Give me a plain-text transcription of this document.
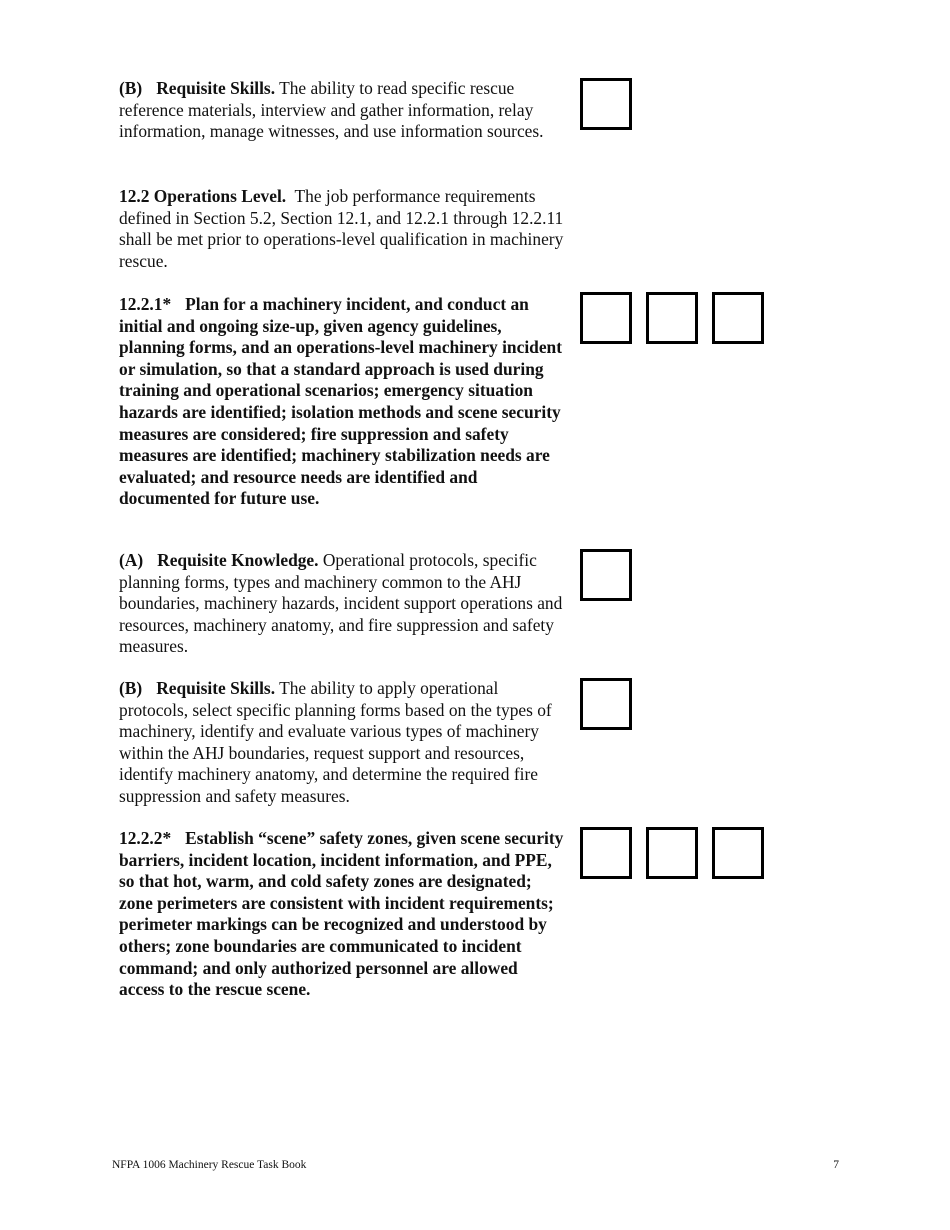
(B) Requisite Skills. The ability to read specific rescue reference materials, interview and gather information, relay information, manage witnesses, and use information sources.

12.2 Operations Level. The job performance requirements defined in Section 5.2, Section 12.1, and 12.2.1 through 12.2.11 shall be met prior to operations-level qualification in machinery rescue.

12.2.1* Plan for a machinery incident, and conduct an initial and ongoing size-up, given agency guidelines, planning forms, and an operations-level machinery incident or simulation, so that a standard approach is used during training and operational scenarios; emergency situation hazards are identified; isolation methods and scene security measures are considered; fire suppression and safety measures are identified; machinery stabilization needs are evaluated; and resource needs are identified and documented for future use.

(A) Requisite Knowledge. Operational protocols, specific planning forms, types and machinery common to the AHJ boundaries, machinery hazards, incident support operations and resources, machinery anatomy, and fire suppression and safety measures.

(B) Requisite Skills. The ability to apply operational protocols, select specific planning forms based on the types of machinery, identify and evaluate various types of machinery within the AHJ boundaries, request support and resources, identify machinery anatomy, and determine the required fire suppression and safety measures.

12.2.2* Establish “scene” safety zones, given scene security barriers, incident location, incident information, and PPE, so that hot, warm, and cold safety zones are designated; zone perimeters are consistent with incident requirements; perimeter markings can be recognized and understood by others; zone boundaries are communicated to incident command; and only authorized personnel are allowed access to the rescue scene.

NFPA 1006 Machinery Rescue Task Book	7
